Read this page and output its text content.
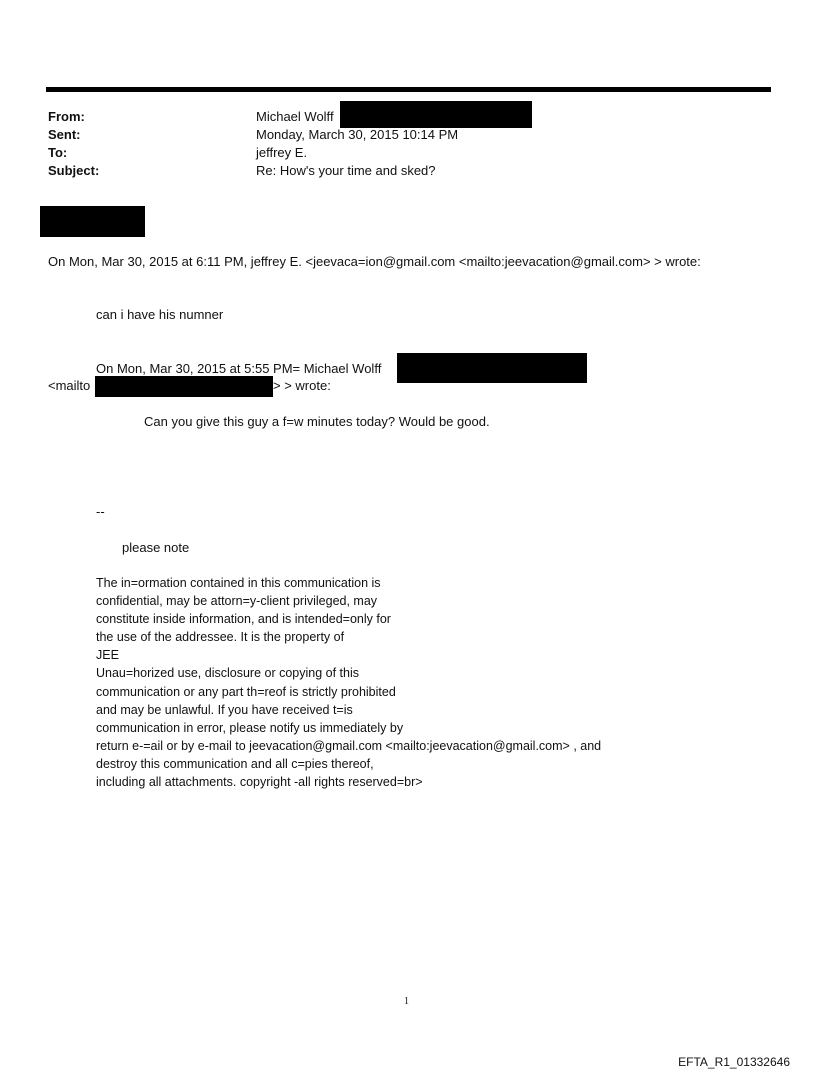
From:	Michael Wolff
Sent:	Monday, March 30, 2015 10:14 PM
To:	jeffrey E.
Subject:	Re: How's your time and sked?
On Mon, Mar 30, 2015 at 6:11 PM, jeffrey E. <jeevaca=ion@gmail.com <mailto:jeevacation@gmail.com> > wrote:
can i have his numner
On Mon, Mar 30, 2015 at 5:55 PM= Michael Wolff
<mailto	> > wrote:
Can you give this guy a f=w minutes today? Would be good.
--
please note
The in=ormation contained in this communication is
confidential, may be attorn=y-client privileged, may
constitute inside information, and is intended=only for
the use of the addressee. It is the property of
JEE
Unau=horized use, disclosure or copying of this
communication or any part th=reof is strictly prohibited
and may be unlawful. If you have received t=is
communication in error, please notify us immediately by
return e-=ail or by e-mail to jeevacation@gmail.com <mailto:jeevacation@gmail.com> , and
destroy this communication and all c=pies thereof,
including all attachments. copyright -all rights reserved=br>
1
EFTA_R1_01332646
